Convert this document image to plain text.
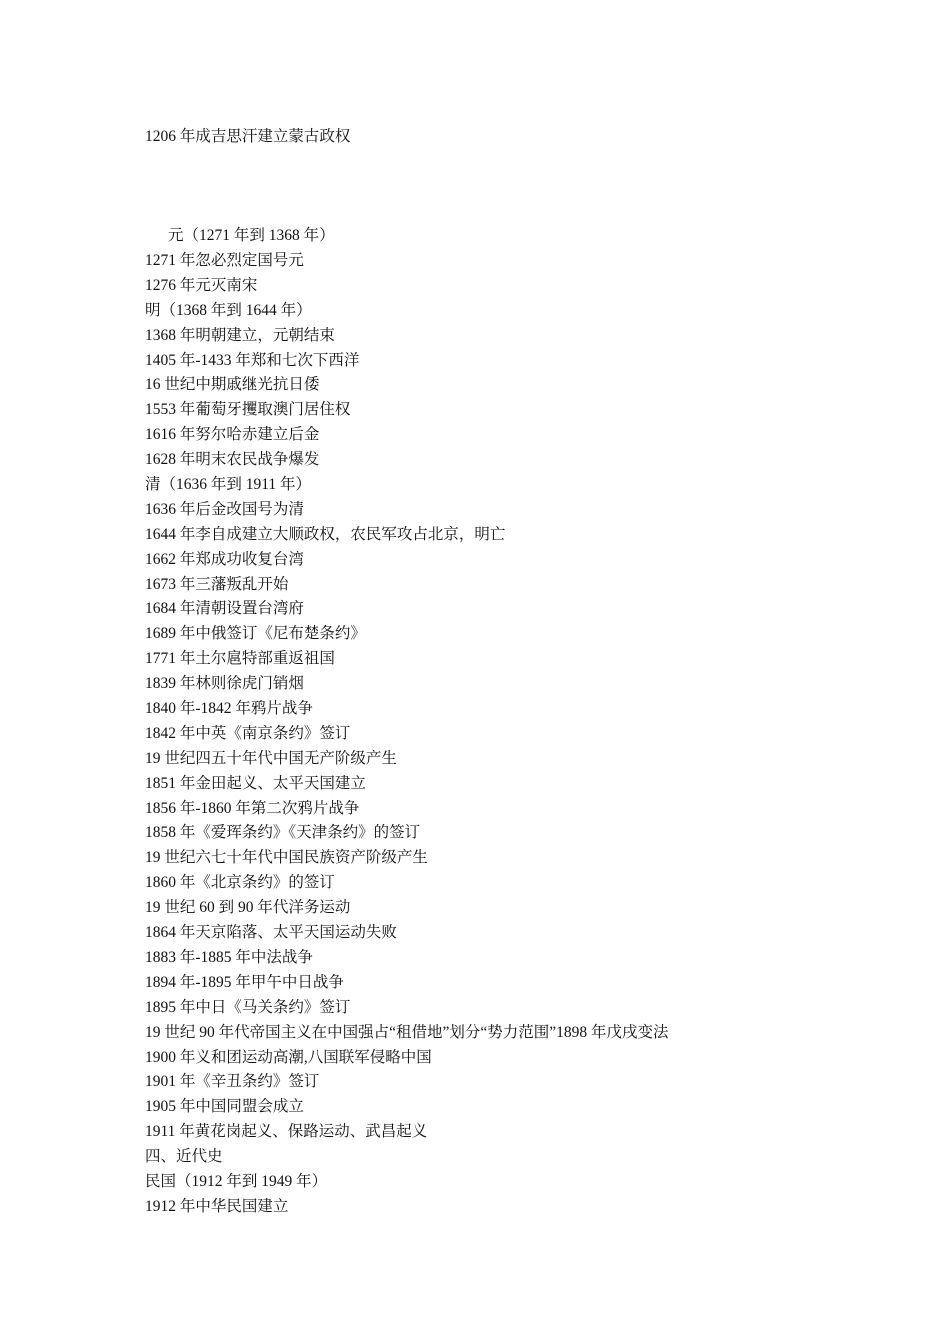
1206 年成吉思汗建立蒙古政权
元（1271 年到 1368 年）
1271 年忽必烈定国号元
1276 年元灭南宋
明（1368 年到 1644 年）
1368 年明朝建立，元朝结束
1405 年-1433 年郑和七次下西洋
16 世纪中期戚继光抗日倭
1553 年葡萄牙攫取澳门居住权
1616 年努尔哈赤建立后金
1628 年明末农民战争爆发
清（1636 年到 1911 年）
1636 年后金改国号为清
1644 年李自成建立大顺政权，农民军攻占北京，明亡
1662 年郑成功收复台湾
1673 年三藩叛乱开始
1684 年清朝设置台湾府
1689 年中俄签订《尼布楚条约》
1771 年土尔扈特部重返祖国
1839 年林则徐虎门销烟
1840 年-1842 年鸦片战争
1842 年中英《南京条约》签订
19 世纪四五十年代中国无产阶级产生
1851 年金田起义、太平天国建立
1856 年-1860 年第二次鸦片战争
1858 年《爱珲条约》《天津条约》的签订
19 世纪六七十年代中国民族资产阶级产生
1860 年《北京条约》的签订
19 世纪 60 到 90 年代洋务运动
1864 年天京陷落、太平天国运动失败
1883 年-1885 年中法战争
1894 年-1895 年甲午中日战争
1895 年中日《马关条约》签订
19 世纪 90 年代帝国主义在中国强占“租借地”划分“势力范围”1898 年戊戌变法
1900 年义和团运动高潮,八国联军侵略中国
1901 年《辛丑条约》签订
1905 年中国同盟会成立
1911 年黄花岗起义、保路运动、武昌起义
四、近代史
民国（1912 年到 1949 年）
1912 年中华民国建立
